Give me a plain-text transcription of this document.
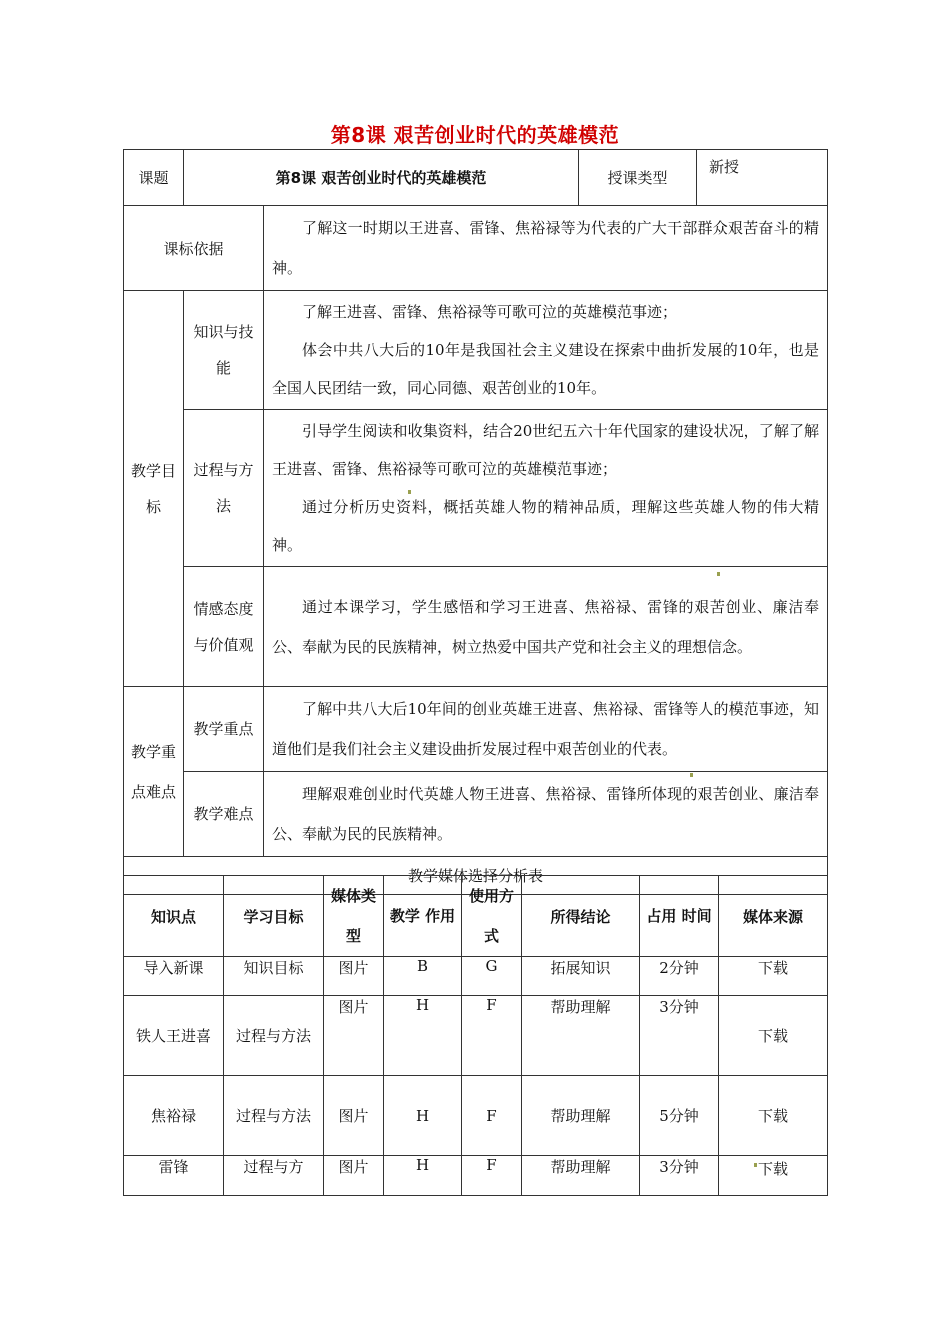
第8课 艰苦创业时代的英雄模范
课题	第8课 艰苦创业时代的英雄模范		授课类型	新授
课标依据		了解这一时期以王进喜、雷锋、焦裕禄等为代表的广大干部群众艰苦奋斗的精神。		

教学目标	知识与技能	了解王进喜、雷锋、焦裕禄等可歌可泣的英雄模范事迹；

体会中共八大后的10年是我国社会主义建设在探索中曲折发展的10年，也是全国人民团结一致，同心同德、艰苦创业的10年。		

	过程与方法	引导学生阅读和收集资料，结合20世纪五六十年代国家的建设状况，了解了解王进喜、雷锋、焦裕禄等可歌可泣的英雄模范事迹；

通过分析历史资料，概括英雄人物的精神品质，理解这些英雄人物的伟大精神。		

	情感态度与价值观	通过本课学习，学生感悟和学习王进喜、焦裕禄、雷锋的艰苦创业、廉洁奉公、奉献为民的民族精神，树立热爱中国共产党和社会主义的理想信念。		

教学重点难点	教学重点	了解中共八大后10年间的创业英雄王进喜、焦裕禄、雷锋等人的模范事迹，知道他们是我们社会主义建设曲折发展过程中艰苦创业的代表。		

	教学难点	理解艰难创业时代英雄人物王进喜、焦裕禄、雷锋所体现的艰苦创业、廉洁奉公、奉献为民的民族精神。		

教学媒体选择分析表				
知识点	学习目标	媒体类型	教学 作用	使用方式	所得结论	占用 时间	媒体来源
导入新课	知识目标	图片	B	G	拓展知识	2分钟	下载
铁人王进喜	过程与方法	图片	H	F	帮助理解	3分钟	下载
焦裕禄	过程与方法	图片	H	F	帮助理解	5分钟	下载
雷锋	过程与方	图片	H	F	帮助理解	3分钟	下载
